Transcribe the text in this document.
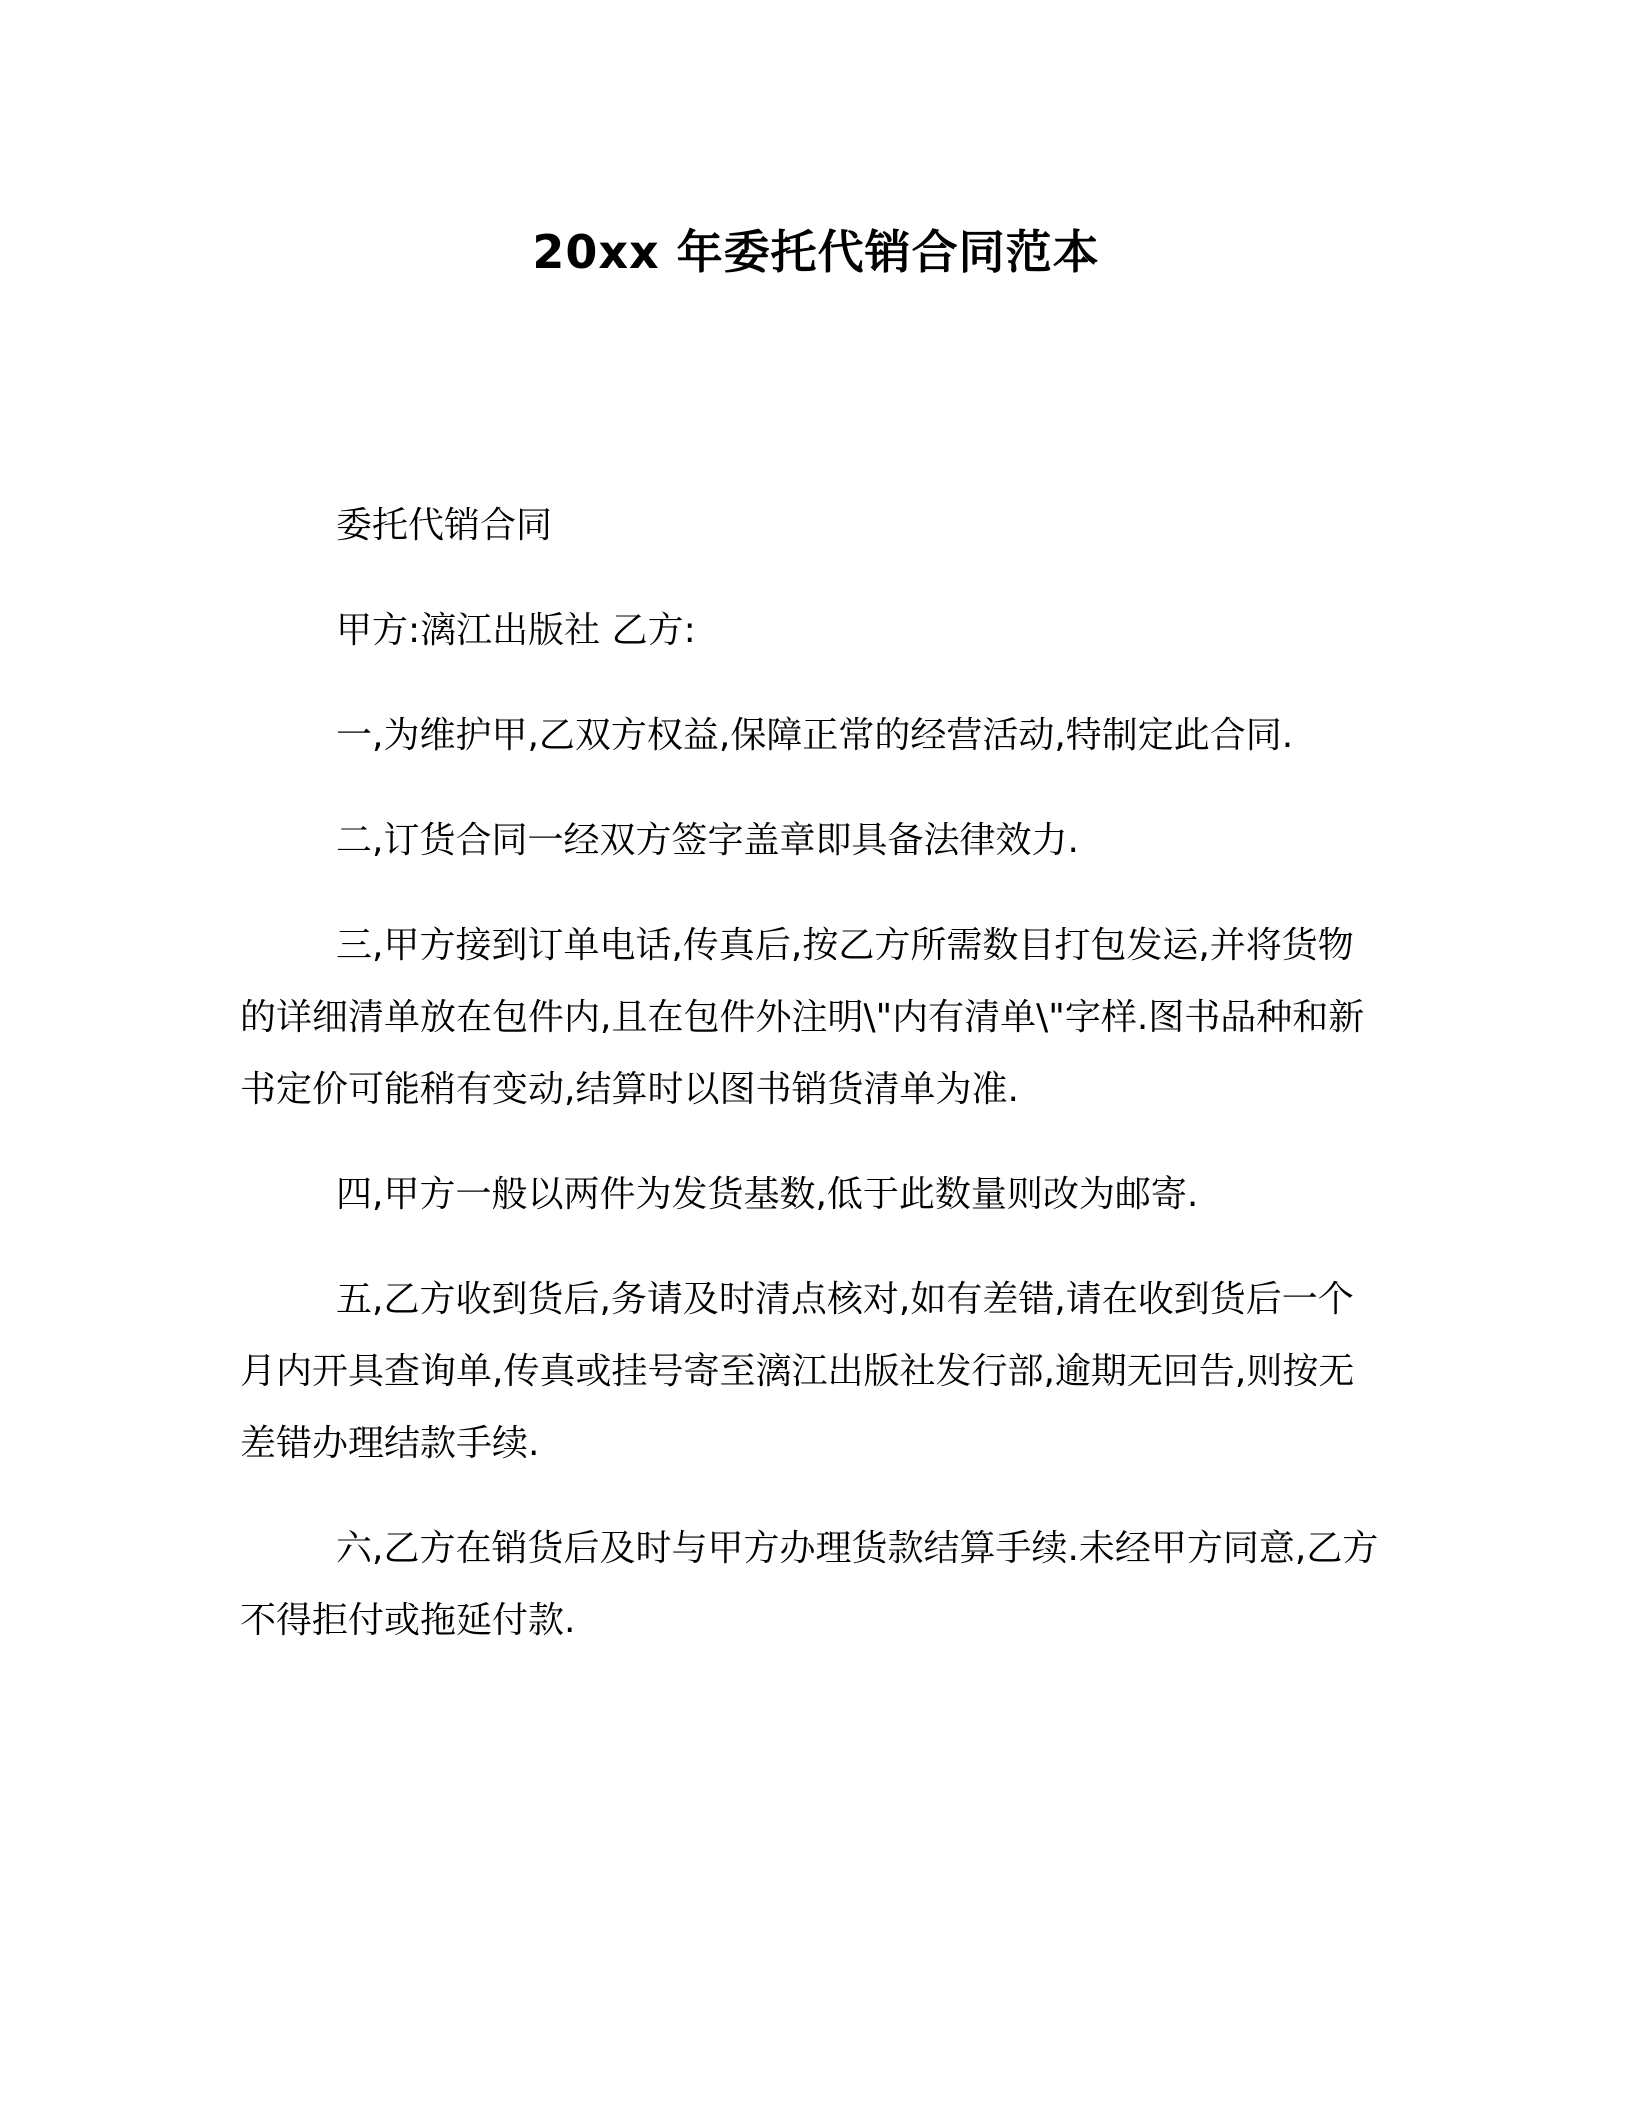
20xx 年委托代销合同范本

委托代销合同

甲方:漓江出版社 乙方:

一,为维护甲,乙双方权益,保障正常的经营活动,特制定此合同.

二,订货合同一经双方签字盖章即具备法律效力.

三,甲方接到订单电话,传真后,按乙方所需数目打包发运,并将货物的详细清单放在包件内,且在包件外注明\"内有清单\"字样.图书品种和新书定价可能稍有变动,结算时以图书销货清单为准.

四,甲方一般以两件为发货基数,低于此数量则改为邮寄.

五,乙方收到货后,务请及时清点核对,如有差错,请在收到货后一个月内开具查询单,传真或挂号寄至漓江出版社发行部,逾期无回告,则按无差错办理结款手续.

六,乙方在销货后及时与甲方办理货款结算手续.未经甲方同意,乙方不得拒付或拖延付款.
